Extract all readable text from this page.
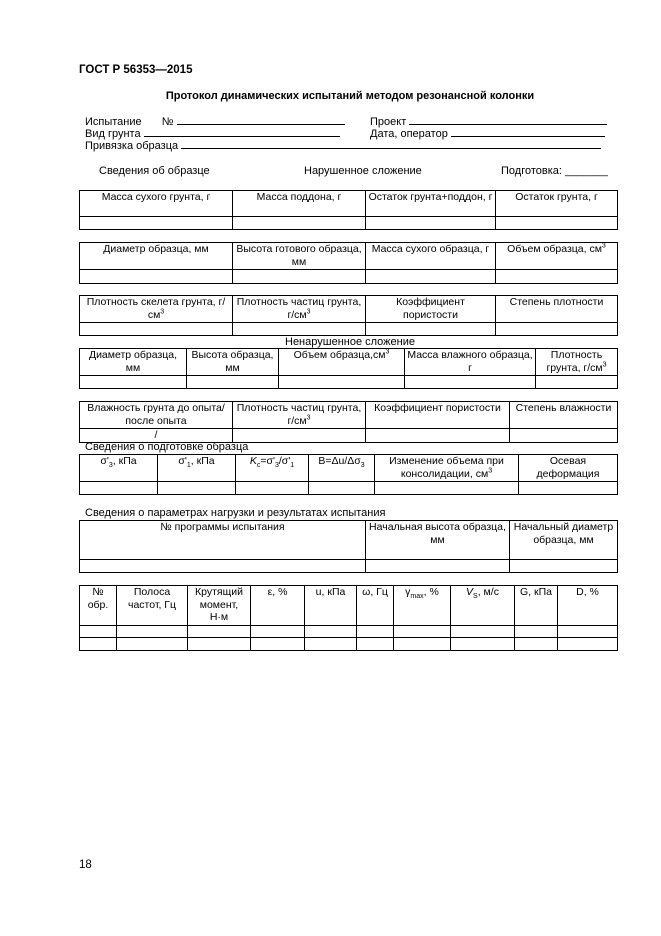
ГОСТ Р 56353—2015
Протокол динамических испытаний методом резонансной колонки
Испытание №	Проект
Вид грунта	Дата, оператор
Привязка образца
Сведения об образце	Нарушенное сложение	Подготовка: _______
Масса сухого грунта, г	Масса поддона, г	Остаток грунта+поддон, г	Остаток грунта, г

Диаметр образца, мм	Высота готового образца, мм	Масса сухого образца, г	Объем образца, $см^3$

Плотность скелета грунта, $г/см^3$	Плотность частиц грунта, $г/см^3$	Коэффициент пористости	Степень плотности

Ненарушенное сложение
Диаметр образца, мм	Высота образца, мм	Объем $образца,см^3$	Масса влажного образца, г	Плотность грунта, $г/см^3$

Влажность грунта до опыта/после опыта	Плотность частиц грунта, $г/см^3$	Коэффициент пористости	Степень влажности
/			
Сведения о подготовке образца
$\sigma'_3$, кПа	$\sigma'_1$, кПа	$K_c=\sigma'_3/\sigma'_1$	$B=\Delta u/\Delta\sigma_3$	Изменение объема при консолидации, $см^3$	Осевая деформация

Сведения о параметрах нагрузки и результатах испытания
№ программы испытания	Начальная высота образца, мм	Начальный диаметр образца, мм

№ обр.	Полоса частот, Гц	Крутящий момент, Н·м	ε, %	u, кПа	ω, Гц	$\gamma_{max}$, %	$V_S$, м/с	G, кПа	D, %

18
